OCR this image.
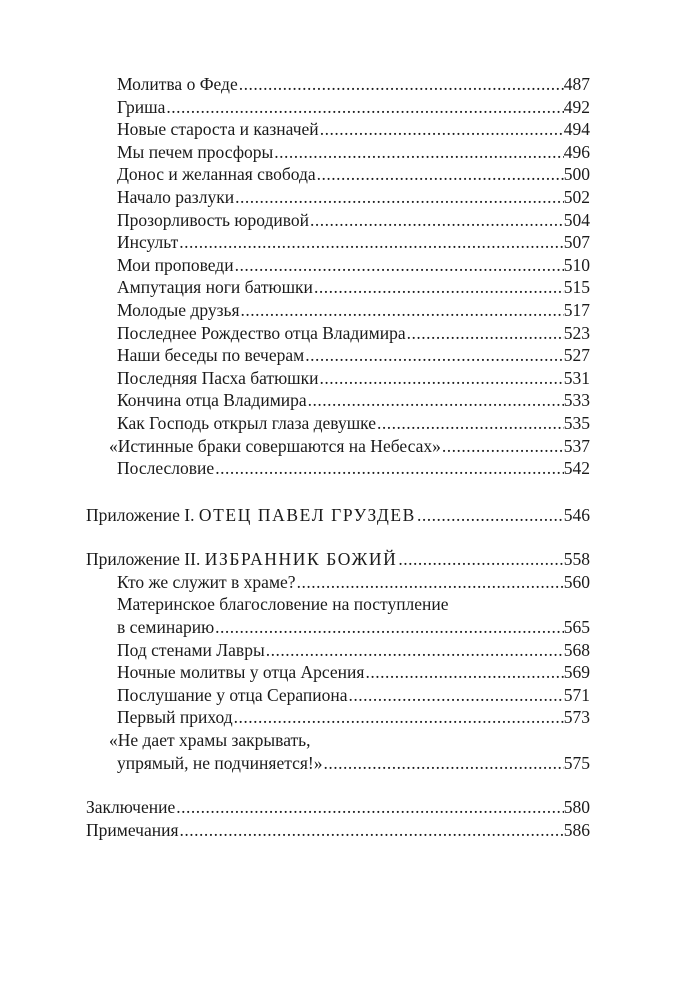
Молитва о Феде .....	487
Гриша .....	492
Новые староста и казначей .....	494
Мы печем просфоры .....	496
Донос и желанная свобода .....	500
Начало разлуки .....	502
Прозорливость юродивой .....	504
Инсульт .....	507
Мои проповеди .....	510
Ампутация ноги батюшки .....	515
Молодые друзья .....	517
Последнее Рождество отца Владимира .....	523
Наши беседы по вечерам .....	527
Последняя Пасха батюшки .....	531
Кончина отца Владимира .....	533
Как Господь открыл глаза девушке .....	535
«Истинные браки совершаются на Небесах» .....	537
Послесловие .....	542
Приложение I. ОТЕЦ ПАВЕЛ ГРУЗДЕВ .....	546
Приложение II. ИЗБРАННИК БОЖИЙ .....	558
Кто же служит в храме? .....	560
Материнское благословение на поступление
в семинарию .....	565
Под стенами Лавры .....	568
Ночные молитвы у отца Арсения .....	569
Послушание у отца Серапиона .....	571
Первый приход .....	573
«Не дает храмы закрывать,
упрямый, не подчиняется!» .....	575
Заключение .....	580
Примечания .....	586
